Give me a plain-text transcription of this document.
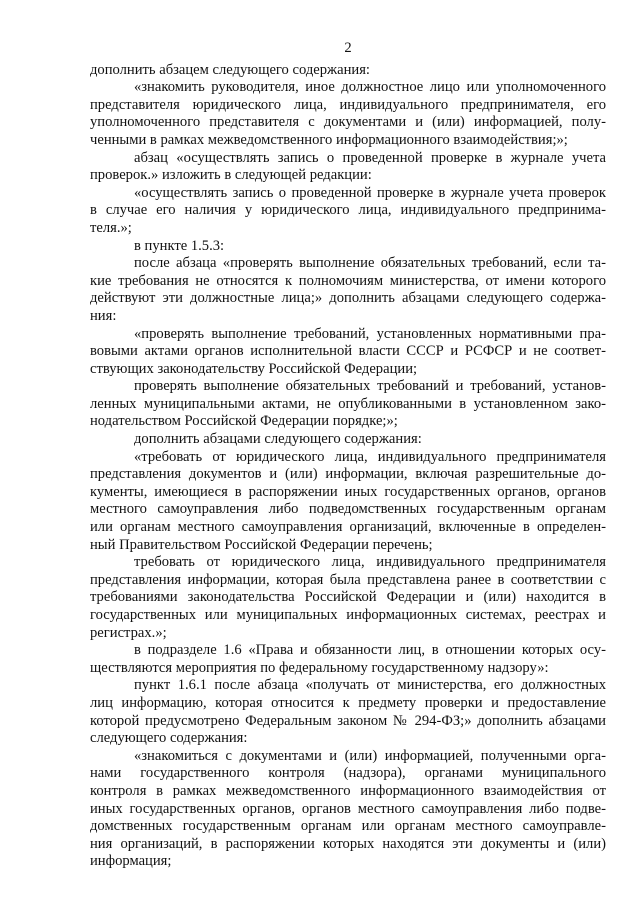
2
дополнить абзацем следующего содержания:
«знакомить руководителя, иное должностное лицо или уполномоченного
представителя юридического лица, индивидуального предпринимателя, его
уполномоченного представителя с документами и (или) информацией, полу-
ченными в рамках межведомственного информационного взаимодействия;»;
абзац «осуществлять запись о проведенной проверке в журнале учета
проверок.» изложить в следующей редакции:
«осуществлять запись о проведенной проверке в журнале учета проверок
в случае его наличия у юридического лица, индивидуального предпринима-
теля.»;
в пункте 1.5.3:
после абзаца «проверять выполнение обязательных требований, если та-
кие требования не относятся к полномочиям министерства, от имени которого
действуют эти должностные лица;» дополнить абзацами следующего содержа-
ния:
«проверять выполнение требований, установленных нормативными пра-
вовыми актами органов исполнительной власти СССР и РСФСР и не соответ-
ствующих законодательству Российской Федерации;
проверять выполнение обязательных требований и требований, установ-
ленных муниципальными актами, не опубликованными в установленном зако-
нодательством Российской Федерации порядке;»;
дополнить абзацами следующего содержания:
«требовать от юридического лица, индивидуального предпринимателя
представления документов и (или) информации, включая разрешительные до-
кументы, имеющиеся в распоряжении иных государственных органов, органов
местного самоуправления либо подведомственных государственным органам
или органам местного самоуправления организаций, включенные в определен-
ный Правительством Российской Федерации перечень;
требовать от юридического лица, индивидуального предпринимателя
представления информации, которая была представлена ранее в соответствии с
требованиями законодательства Российской Федерации и (или) находится в
государственных или муниципальных информационных системах, реестрах и
регистрах.»;
в подразделе 1.6 «Права и обязанности лиц, в отношении которых осу-
ществляются мероприятия по федеральному государственному надзору»:
пункт 1.6.1 после абзаца «получать от министерства, его должностных
лиц информацию, которая относится к предмету проверки и предоставление
которой предусмотрено Федеральным законом № 294-ФЗ;» дополнить абзацами
следующего содержания:
«знакомиться с документами и (или) информацией, полученными орга-
нами государственного контроля (надзора), органами муниципального
контроля в рамках межведомственного информационного взаимодействия от
иных государственных органов, органов местного самоуправления либо подве-
домственных государственным органам или органам местного самоуправле-
ния организаций, в распоряжении которых находятся эти документы и (или)
информация;
